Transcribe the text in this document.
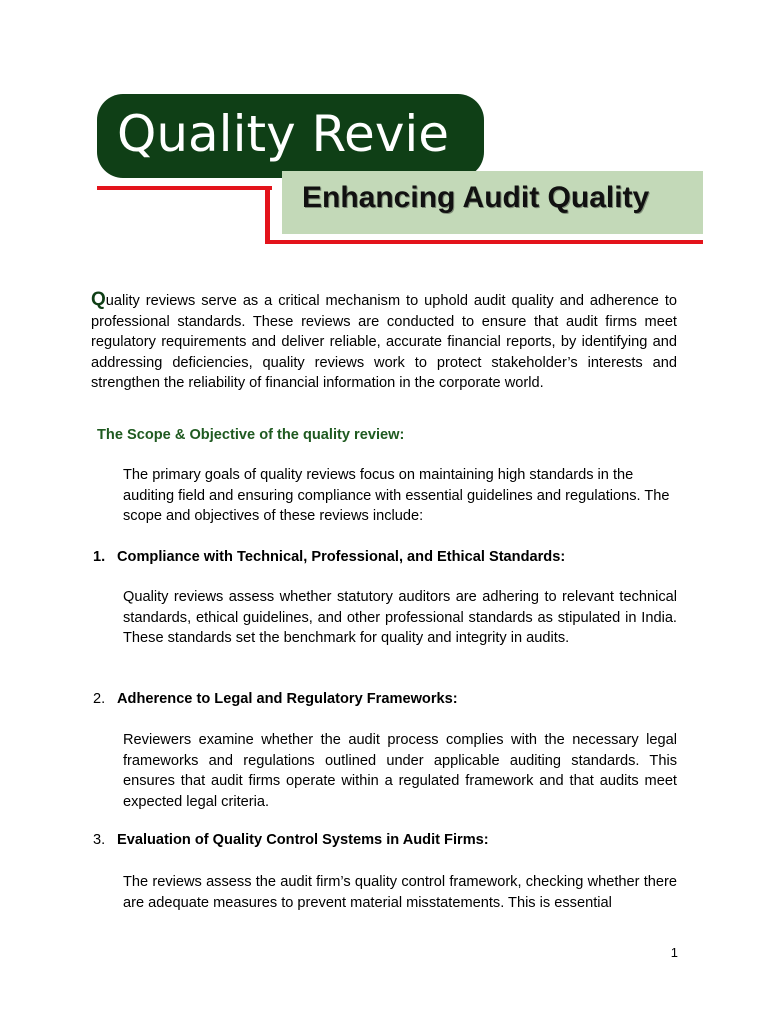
Quality Revie
Enhancing Audit Quality

Quality reviews serve as a critical mechanism to uphold audit quality and adherence to professional standards. These reviews are conducted to ensure that audit firms meet regulatory requirements and deliver reliable, accurate financial reports, by identifying and addressing deficiencies, quality reviews work to protect stakeholder’s interests and strengthen the reliability of financial information in the corporate world.

The Scope & Objective of the quality review:

The primary goals of quality reviews focus on maintaining high standards in the auditing field and ensuring compliance with essential guidelines and regulations. The scope and objectives of these reviews include:

1. Compliance with Technical, Professional, and Ethical Standards:

Quality reviews assess whether statutory auditors are adhering to relevant technical standards, ethical guidelines, and other professional standards as stipulated in India. These standards set the benchmark for quality and integrity in audits.

2. Adherence to Legal and Regulatory Frameworks:

Reviewers examine whether the audit process complies with the necessary legal frameworks and regulations outlined under applicable auditing standards. This ensures that audit firms operate within a regulated framework and that audits meet expected legal criteria.

3. Evaluation of Quality Control Systems in Audit Firms:

The reviews assess the audit firm’s quality control framework, checking whether there are adequate measures to prevent material misstatements. This is essential

1
